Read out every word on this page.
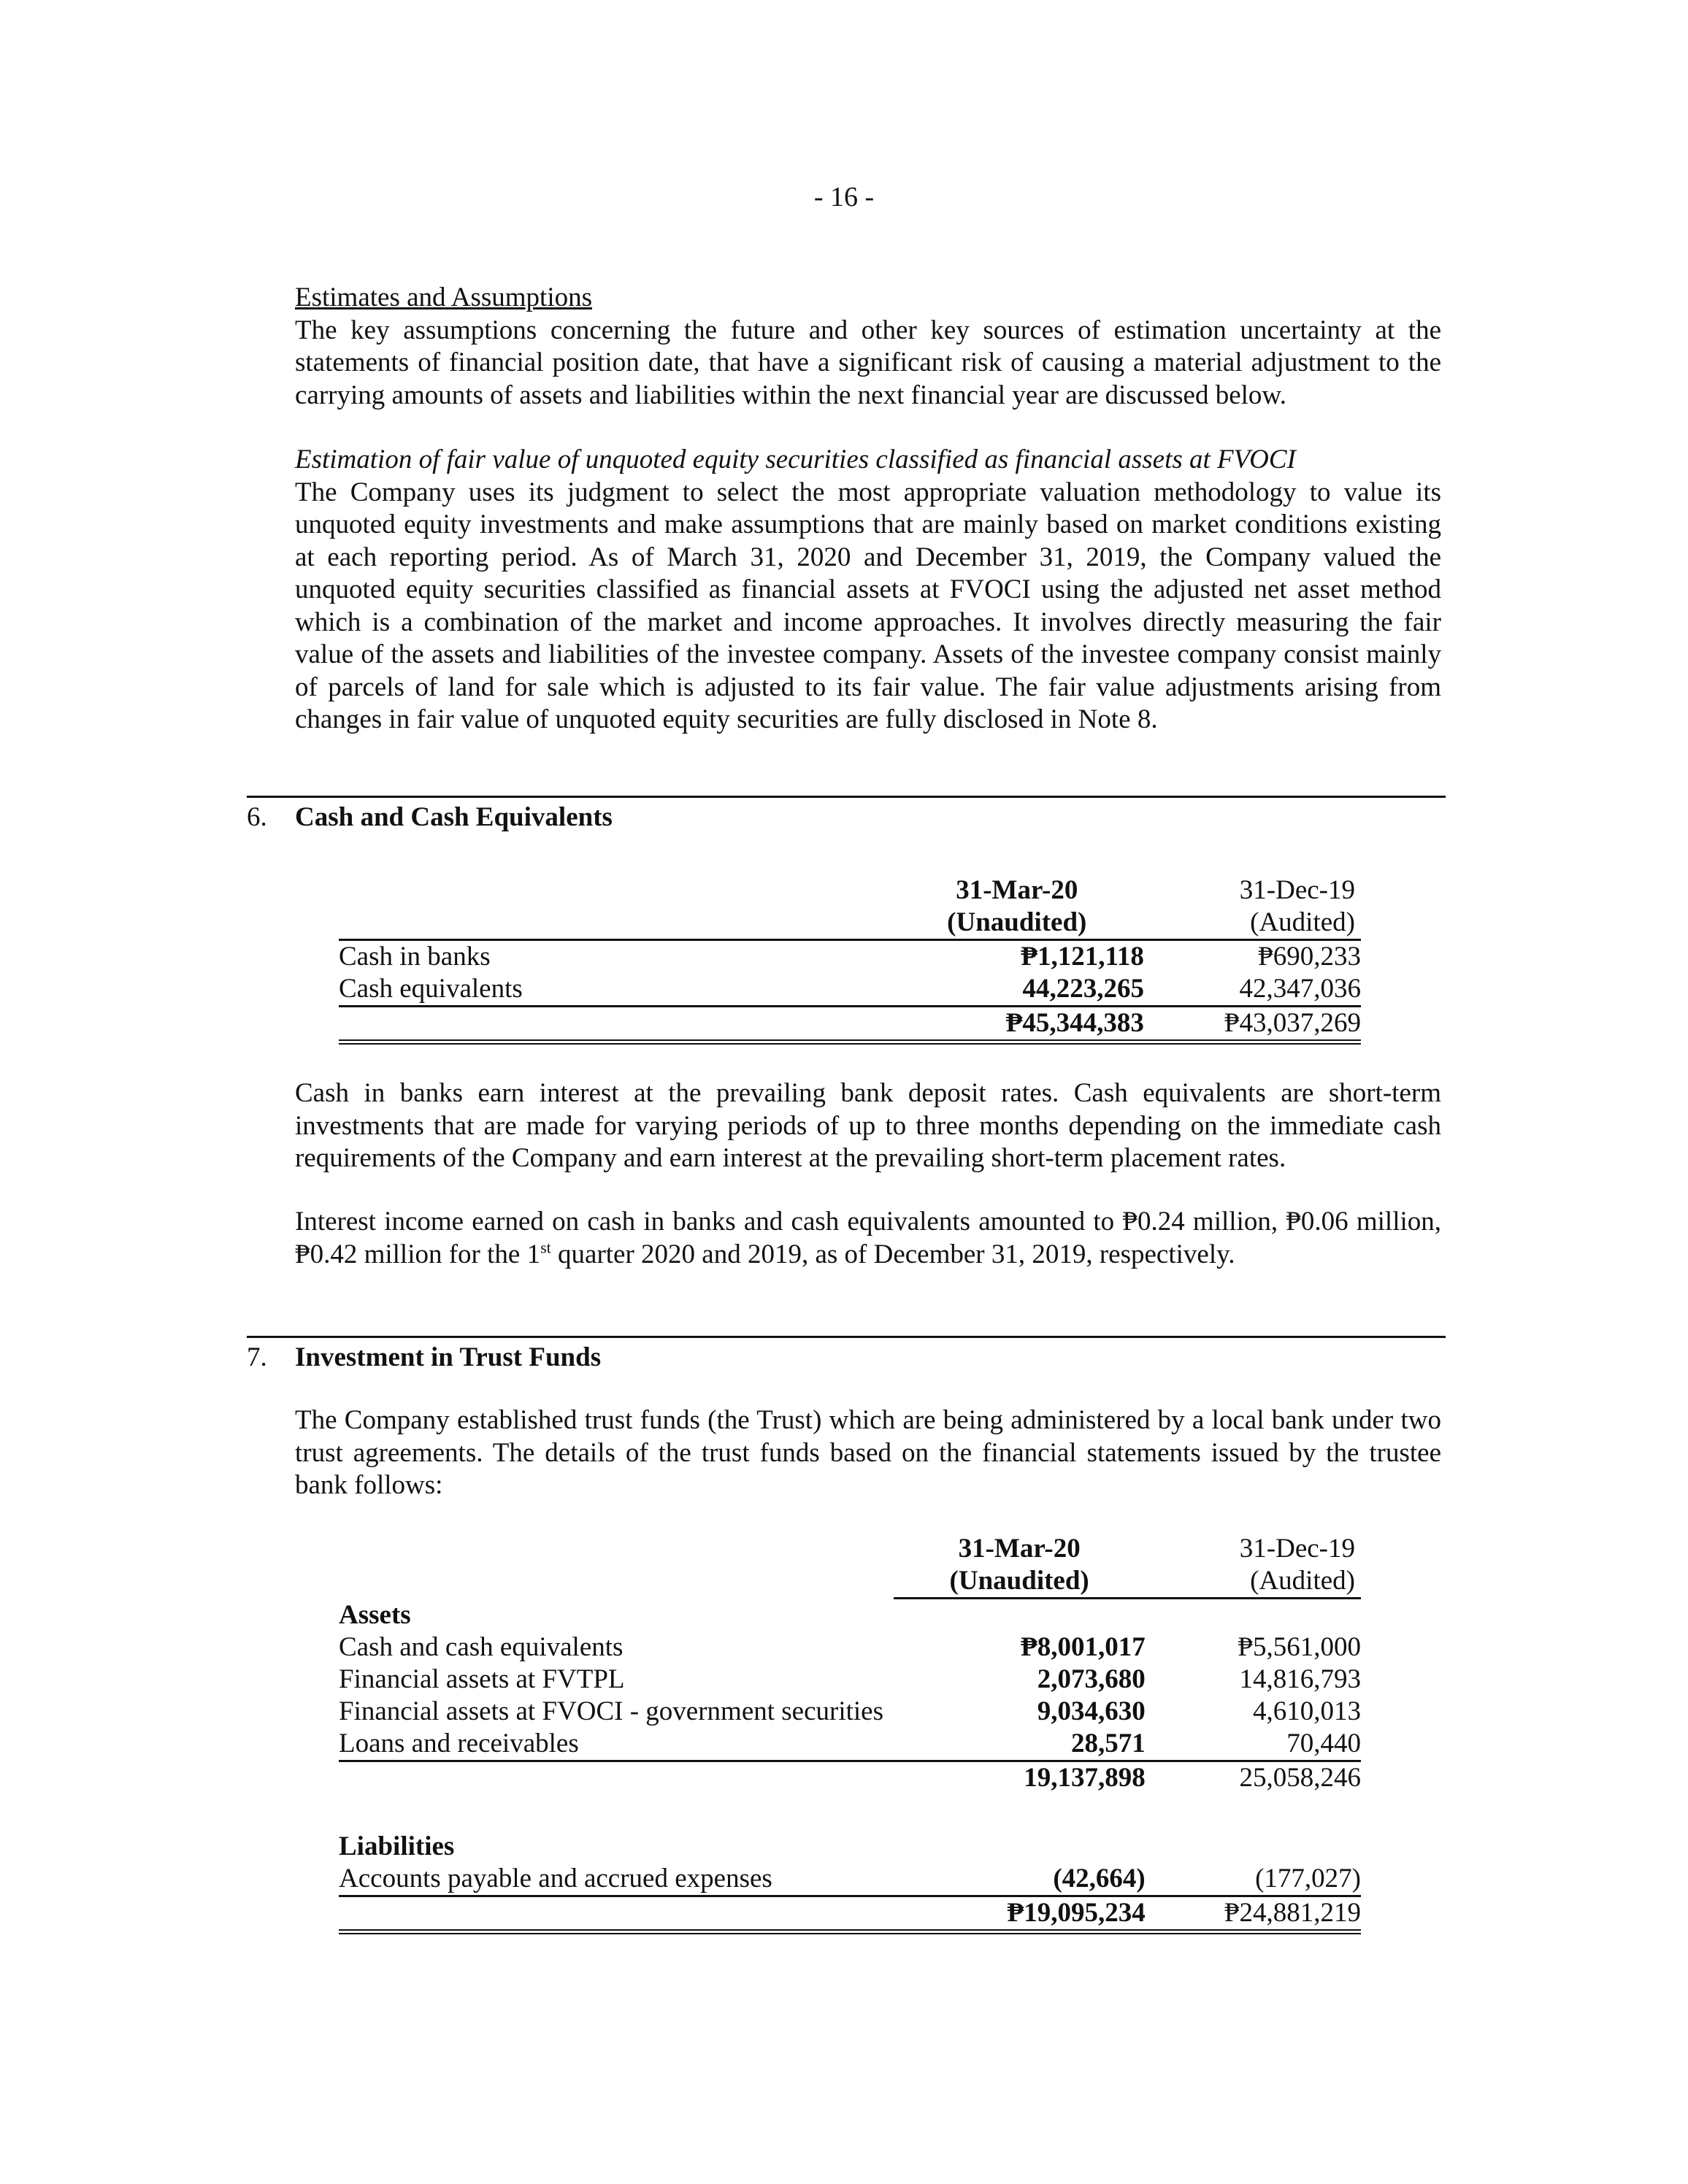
- 16 -
Estimates and Assumptions
The key assumptions concerning the future and other key sources of estimation uncertainty at the statements of financial position date, that have a significant risk of causing a material adjustment to the carrying amounts of assets and liabilities within the next financial year are discussed below.
Estimation of fair value of unquoted equity securities classified as financial assets at FVOCI
The Company uses its judgment to select the most appropriate valuation methodology to value its unquoted equity investments and make assumptions that are mainly based on market conditions existing at each reporting period. As of March 31, 2020 and December 31, 2019, the Company valued the unquoted equity securities classified as financial assets at FVOCI using the adjusted net asset method which is a combination of the market and income approaches. It involves directly measuring the fair value of the assets and liabilities of the investee company. Assets of the investee company consist mainly of parcels of land for sale which is adjusted to its fair value. The fair value adjustments arising from changes in fair value of unquoted equity securities are fully disclosed in Note 8.
6. Cash and Cash Equivalents
	31-Mar-20	31-Dec-19
	(Unaudited)	(Audited)
Cash in banks	₱1,121,118	₱690,233
Cash equivalents	44,223,265	42,347,036
	₱45,344,383	₱43,037,269
Cash in banks earn interest at the prevailing bank deposit rates. Cash equivalents are short-term investments that are made for varying periods of up to three months depending on the immediate cash requirements of the Company and earn interest at the prevailing short-term placement rates.
Interest income earned on cash in banks and cash equivalents amounted to ₱0.24 million, ₱0.06 million, ₱0.42 million for the 1st quarter 2020 and 2019, as of December 31, 2019, respectively.
7. Investment in Trust Funds
The Company established trust funds (the Trust) which are being administered by a local bank under two trust agreements. The details of the trust funds based on the financial statements issued by the trustee bank follows:
	31-Mar-20	31-Dec-19
	(Unaudited)	(Audited)
Assets		
Cash and cash equivalents	₱8,001,017	₱5,561,000
Financial assets at FVTPL	2,073,680	14,816,793
Financial assets at FVOCI - government securities	9,034,630	4,610,013
Loans and receivables	28,571	70,440
	19,137,898	25,058,246

Liabilities		
Accounts payable and accrued expenses	(42,664)	(177,027)
	₱19,095,234	₱24,881,219
